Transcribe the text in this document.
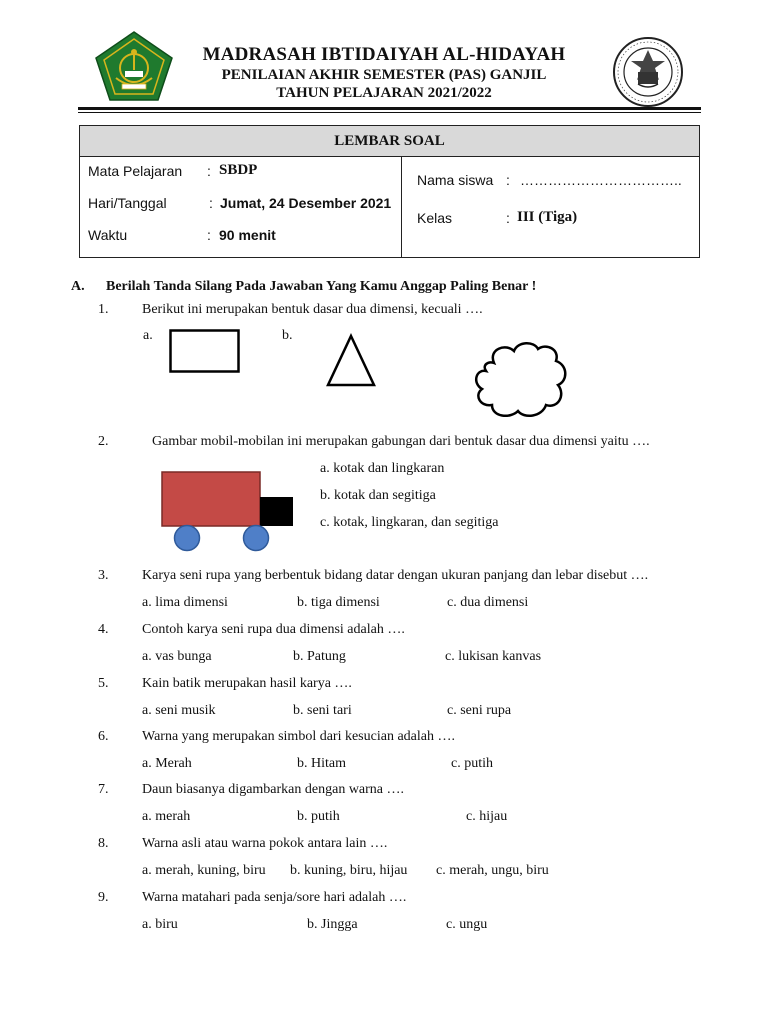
MADRASAH IBTIDAIYAH AL-HIDAYAH
PENILAIAN AKHIR SEMESTER (PAS) GANJIL
TAHUN PELAJARAN 2021/2022
LEMBAR SOAL
Mata Pelajaran : SBDP
Hari/Tanggal	: Jumat, 24 Desember 2021
Waktu	: 90 menit
Nama siswa : ……………………………..
Kelas	: III (Tiga)
A. Berilah Tanda Silang Pada Jawaban Yang Kamu Anggap Paling Benar !
1. Berikut ini merupakan bentuk dasar dua dimensi, kecuali ….
a.	b.
2.	Gambar mobil-mobilan ini merupakan gabungan dari bentuk dasar dua dimensi yaitu ….
a. kotak dan lingkaran
b. kotak dan segitiga
c. kotak, lingkaran, dan segitiga
3. Karya seni rupa yang berbentuk bidang datar dengan ukuran panjang dan lebar disebut ….
a. lima dimensi	b. tiga dimensi	c. dua dimensi
4. Contoh karya seni rupa dua dimensi adalah ….
a. vas bunga	b. Patung	c. lukisan kanvas
5. Kain batik merupakan hasil karya ….
a. seni musik	b. seni tari	c. seni rupa
6. Warna yang merupakan simbol dari kesucian adalah ….
a. Merah	b. Hitam	c. putih
7. Daun biasanya digambarkan dengan warna ….
a. merah	b. putih	c. hijau
8. Warna asli atau warna pokok antara lain ….
a. merah, kuning, biru b. kuning, biru, hijau c. merah, ungu, biru
9. Warna matahari pada senja/sore hari adalah ….
a. biru	b. Jingga	c. ungu
